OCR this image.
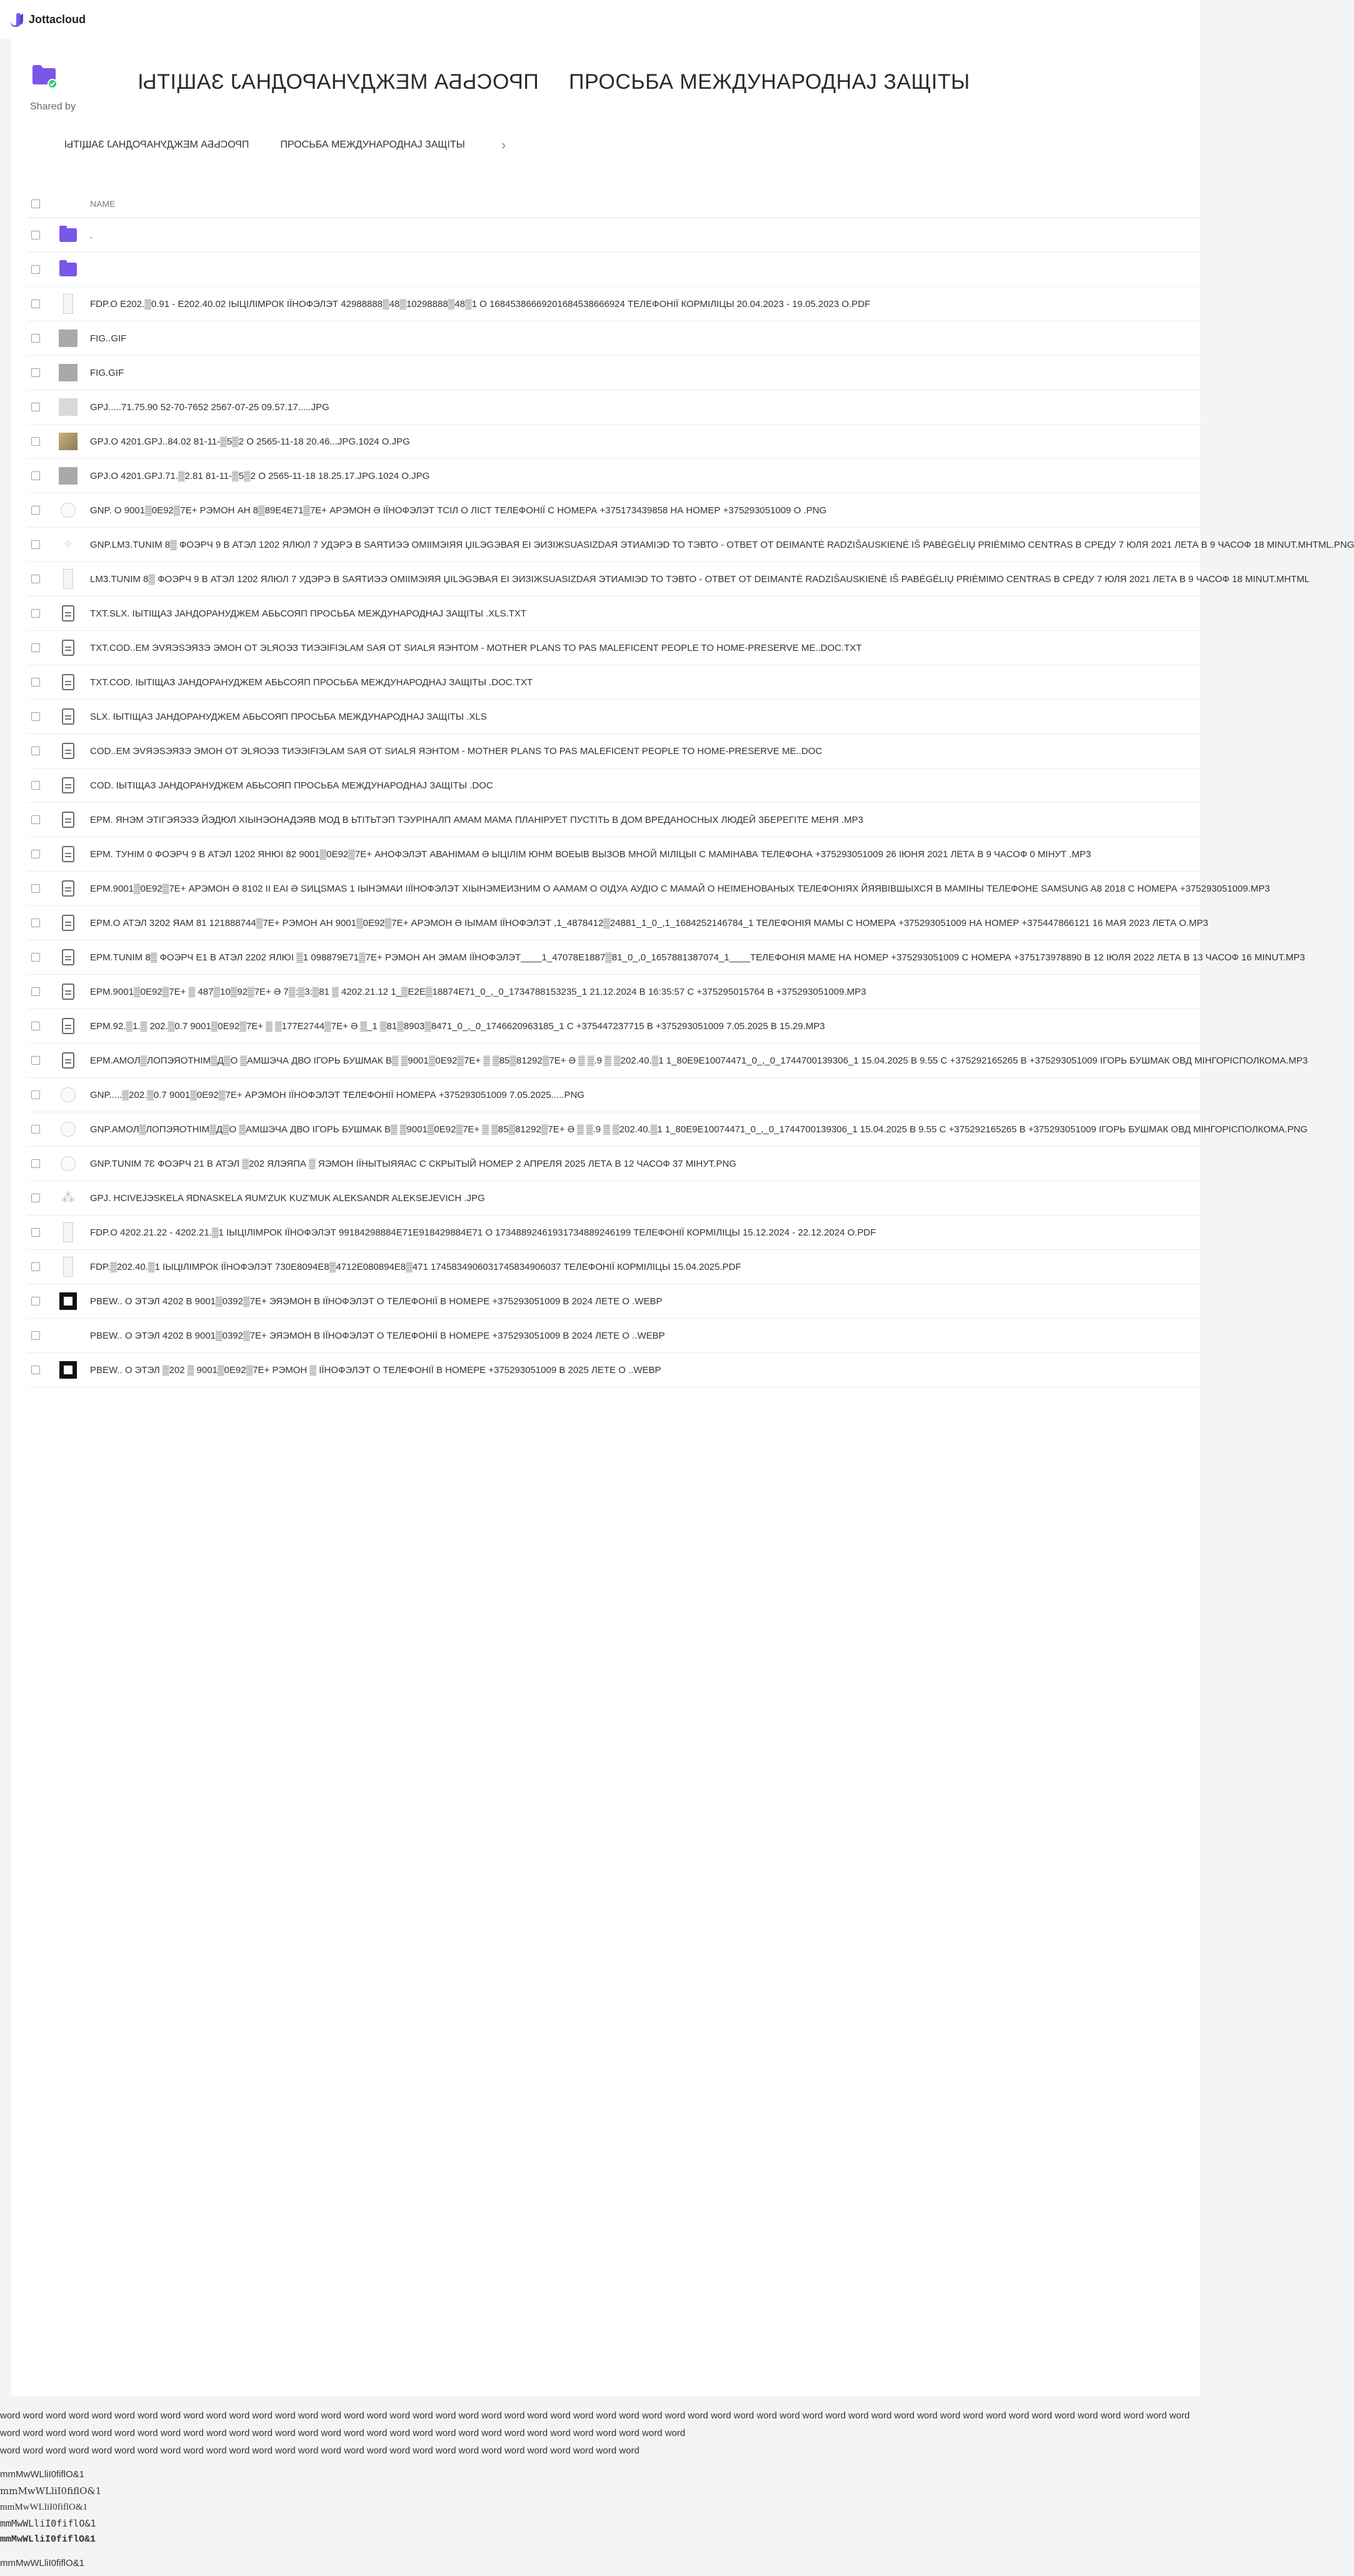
Jottacloud
ПРОСЬБА МЕЖДУНАРОДНАЈ ЗАЩІТЫ ПРОСЬБА МЕЖДУНАРОДНАЈ ЗАЩІТЫ
Shared by
ПРОСЬБА МЕЖДУНАРОДНАЈ ЗАЩІТЫ	ПРОСЬБА МЕЖДУНАРОДНАЈ ЗАЩІТЫ	›
NAME
.
FDP.O E202.▒0.91 - E202.40.02 ІЫЦІЛІМРОК ІЇНОФЭЛЭТ 42988888▒48▒10298888▒48▒1 О 16845386669201684538666924 ТЕЛЕФОНІЇ КОРМІЛІЦЫ 20.04.2023 - 19.05.2023 O.PDF
FIG..GIF
FIG.GIF
GPJ.....71.75.90 52-70-7652 2567-07-25 09.57.17.....JPG
GPJ.O 4201.GPJ..84.02 81-11-▒5▒2 O 2565-11-18 20.46...JPG.1024 O.JPG
GPJ.O 4201.GPJ.71.▒2.81 81-11-▒5▒2 O 2565-11-18 18.25.17.JPG.1024 O.JPG
GNP. O 9001▒0E92▒7E+ РЭМОН АН 8▒89E4E71▒7E+ АРЭМОН Ə ІЇНОФЭЛЭТ ТСІЛ О ЛІСТ ТЕЛЕФОНІЇ С НОМЕРА +375173439858 НА НОМЕР +375293051009 O .PNG
✧ GNP.LM3.TUNIM 8▒ ФОЭРЧ 9 В АТЭЛ 1202 ЯЛЮЛ 7 УДЭРЭ В ЅАЯТИЭЭ ОМІІМЭІЯЯ ЏІLЭGЭВАЯ ЕІ ЭИЗІЖЅUАЅІZDAЯ ЭТИАМІЭD ТО ТЭВТО - ОТВЕТ ОТ DEIMANTĖ RADZIŠAUSKIENĖ IŠ PABĖGĖLIŲ PRIĖMIMO CENTRAS В СРЕДУ 7 ЮЛЯ 2021 ЛЕТА В 9 ЧАСОФ 18 MINUT.MHTML.PNG
LM3.TUNIM 8▒ ФОЭРЧ 9 В АТЭЛ 1202 ЯЛЮЛ 7 УДЭРЭ В ЅАЯТИЭЭ ОМІІМЭІЯЯ ЏІLЭGЭВАЯ ЕІ ЭИЗІЖЅUАЅІZDAЯ ЭТИАМІЭD ТО ТЭВТО - ОТВЕТ ОТ DEIMANTĖ RADZIŠAUSKIENĖ IŠ PABĖGĖLIŲ PRIĖMIMO CENTRAS В СРЕДУ 7 ЮЛЯ 2021 ЛЕТА В 9 ЧАСОФ 18 MINUT.MHTML
TXT.SLX. ІЫТІЩАЗ ЈАНДОРАНУДЖЕМ АБЬСОЯП ПРОСЬБА МЕЖДУНАРОДНАЈ ЗАЩІТЫ .XLS.TXT
TXT.COD..EM ЭVЯЭЅЭЯЗЭ ЭМОН ОТ ЭLЯОЭЗ ТИЭЭІFІЭLАМ ЅАЯ ОТ ЅИАLЯ ЯЭНТОМ - MOTHER PLANS TO PAS MALEFICENT PEOPLE TO HOME-PRESERVE ME..DOC.TXT
TXT.COD. ІЫТІЩАЗ ЈАНДОРАНУДЖЕМ АБЬСОЯП ПРОСЬБА МЕЖДУНАРОДНАЈ ЗАЩІТЫ .DOC.TXT
SLX. ІЫТІЩАЗ ЈАНДОРАНУДЖЕМ АБЬСОЯП ПРОСЬБА МЕЖДУНАРОДНАЈ ЗАЩІТЫ .XLS
COD..EM ЭVЯЭЅЭЯЗЭ ЭМОН ОТ ЭLЯОЭЗ ТИЭЭІFІЭLАМ ЅАЯ ОТ ЅИАLЯ ЯЭНТОМ - MOTHER PLANS TO PAS MALEFICENT PEOPLE TO HOME-PRESERVE ME..DOC
COD. ІЫТІЩАЗ ЈАНДОРАНУДЖЕМ АБЬСОЯП ПРОСЬБА МЕЖДУНАРОДНАЈ ЗАЩІТЫ .DOC
EPM. ЯНЭМ ЭТІГЭЯЭЗЭ ЙЭДЮЛ ХІЫНЭОНАДЭЯВ МОД В ЬТІТЬТЭП ТЭУРІНАЛП АМАМ МАМА ПЛАНІРУЕТ ПУСТІТЬ В ДОМ ВРЕДАНОСНЫХ ЛЮДЕЙ ЗБЕРЕГІТЕ МЕНЯ .MP3
EPM. ТУНІМ 0 ФОЭРЧ 9 В АТЭЛ 1202 ЯНЮІ 82 9001▒0E92▒7E+ АНОФЭЛЭТ АВАНІМАМ Ə ЫЦІЛІМ ЮНМ ВОЕЫВ ВЫЗОВ МНОЙ МІЛІЦЫІ С МАМІНАВА ТЕЛЕФОНА +375293051009 26 ІЮНЯ 2021 ЛЕТА В 9 ЧАСОФ 0 МІНУТ .MP3
EPM.9001▒0E92▒7E+ АРЭМОН Ə 8102 ІІ ЕАІ Ə ЅИЦЅМАЅ 1 ІЫНЭМАИ ІІЇНОФЭЛЭТ ХІЫНЭМЕИЗНИМ О ААМАМ О ОІДУА АУДІО С МАМАЙ О НЕІМЕНОВАНЫХ ТЕЛЕФОНІЯХ ЙЯЯВІВШЫХСЯ В МАМІНЫ ТЕЛЕФОНЕ SAMSUNG A8 2018 С НОМЕРА +375293051009.MP3
EPM.O АТЭЛ 3202 ЯАМ 81 121888744▒7E+ РЭМОН АН 9001▒0E92▒7E+ АРЭМОН Ə ІЫМАМ ІЇНОФЭЛЭТ ,1_4878412▒24881_1_0_,1_1684252146784_1 ТЕЛЕФОНІЯ МАМЫ С НОМЕРА +375293051009 НА НОМЕР +375447866121 16 МАЯ 2023 ЛЕТА O.MP3
EPM.TUNIM 8▒ ФОЭРЧ E1 В АТЭЛ 2202 ЯЛЮІ ▒1 098879E71▒7E+ РЭМОН АН ЭМАМ ІЇНОФЭЛЭТ____1_47078E1887▒81_0_,0_1657881387074_1____ТЕЛЕФОНІЯ МАМЕ НА НОМЕР +375293051009 С НОМЕРА +375173978890 В 12 ІЮЛЯ 2022 ЛЕТА В 13 ЧАСОФ 16 MINUT.MP3
EPM.9001▒0E92▒7E+ ▒ 487▒10▒92▒7E+ Ə 7▒:▒3:▒81 ▒ 4202.21.12 1_▒E2E▒18874E71_0_,_0_1734788153235_1 21.12.2024 В 16:35:57 С +375295015764 В +375293051009.MP3
EPM.92.▒1.▒ 202.▒0.7 9001▒0E92▒7E+ ▒ ▒177E2744▒7E+ Ə ▒_1 ▒81▒8903▒8471_0_,_0_1746620963185_1 С +375447237715 В +375293051009 7.05.2025 В 15.29.MP3
EPM.АМОЛ▒ЛОПЭЯОТНІМ▒Д▒О ▒АМШЭЧА ДВО ІГОРЬ БУШМАК В▒ ▒9001▒0E92▒7E+ ▒ ▒85▒81292▒7E+ Ə ▒ ▒.9 ▒ ▒202.40.▒1 1_80E9E10074471_0_,_0_1744700139306_1 15.04.2025 В 9.55 С +375292165265 В +375293051009 ІГОРЬ БУШМАК ОВД МІНГОРІСПОЛКОМА.MP3
GNP.....▒202.▒0.7 9001▒0E92▒7E+ АРЭМОН ІЇНОФЭЛЭТ ТЕЛЕФОНІЇ НОМЕРА +375293051009 7.05.2025.....PNG
GNP.АМОЛ▒ЛОПЭЯОТНІМ▒Д▒О ▒АМШЭЧА ДВО ІГОРЬ БУШМАК В▒ ▒9001▒0E92▒7E+ ▒ ▒85▒81292▒7E+ Ə ▒ ▒.9 ▒ ▒202.40.▒1 1_80E9E10074471_0_,_0_1744700139306_1 15.04.2025 В 9.55 С +375292165265 В +375293051009 ІГОРЬ БУШМАК ОВД МІНГОРІСПОЛКОМА.PNG
GNP.TUNIM 7Ɛ ФОЭРЧ 21 В АТЭЛ ▒202 ЯЛЭЯПА ▒ ЯЭМОН ІЇНЫТЫЯЯАС С СКРЫТЫЙ НОМЕР 2 АПРЕЛЯ 2025 ЛЕТА В 12 ЧАСОФ 37 МІНУТ.PNG
⁂ GPJ. HCIVEJЭSKELA ЯDNAЅKELA ЯUM'ZUK KUZ'MUK ALEKSANDR ALEKSEJEVICH .JPG
FDP.O 4202.21.22 - 4202.21.▒1 ІЫЦІЛІМРОК ІЇНОФЭЛЭТ 99184298884E71E918429884E71 О 17348892461931734889246199 ТЕЛЕФОНІЇ КОРМІЛІЦЫ 15.12.2024 - 22.12.2024 O.PDF
FDP.▒202.40.▒1 ІЫЦІЛІМРОК ІЇНОФЭЛЭТ 730E8094E8▒4712E080894E8▒471 1745834906031745834906037 ТЕЛЕФОНІЇ КОРМІЛІЦЫ 15.04.2025.PDF
PBEW.. O ЭТЭЛ 4202 В 9001▒0392▒7E+ ЭЯЭМОН В ІЇНОФЭЛЭТ О ТЕЛЕФОНІЇ В НОМЕРЕ +375293051009 В 2024 ЛЕТЕ О .WEBP
PBEW.. О ЭТЭЛ 4202 В 9001▒0392▒7E+ ЭЯЭМОН В ІЇНОФЭЛЭТ О ТЕЛЕФОНІЇ В НОМЕРЕ +375293051009 В 2024 ЛЕТЕ О ..WEBP
PBEW.. O ЭТЭЛ ▒202 ▒ 9001▒0E92▒7E+ РЭМОН ▒ ІЇНОФЭЛЭТ О ТЕЛЕФОНІЇ В НОМЕРЕ +375293051009 В 2025 ЛЕТЕ О ..WEBP
word word word word word word word word word word word word word word word word word word word word word word word word word word word word word word word word word word word word word word word word word word word word word word word word word word word word word word word word word word word word word word word word word word word word word word word word word word word word word word word word word word
word word word word word word word word word word word word word word word word word word word word word word word word word word word word
mmMwWLliI0fiflO&1
mmMwWLliI0fiflO&1
mmMwWLliI0fiflO&1
mmMwWLliI0fiflO&1
mmMwWLliI0fiflO&1
mmMwWLliI0fiflO&1
